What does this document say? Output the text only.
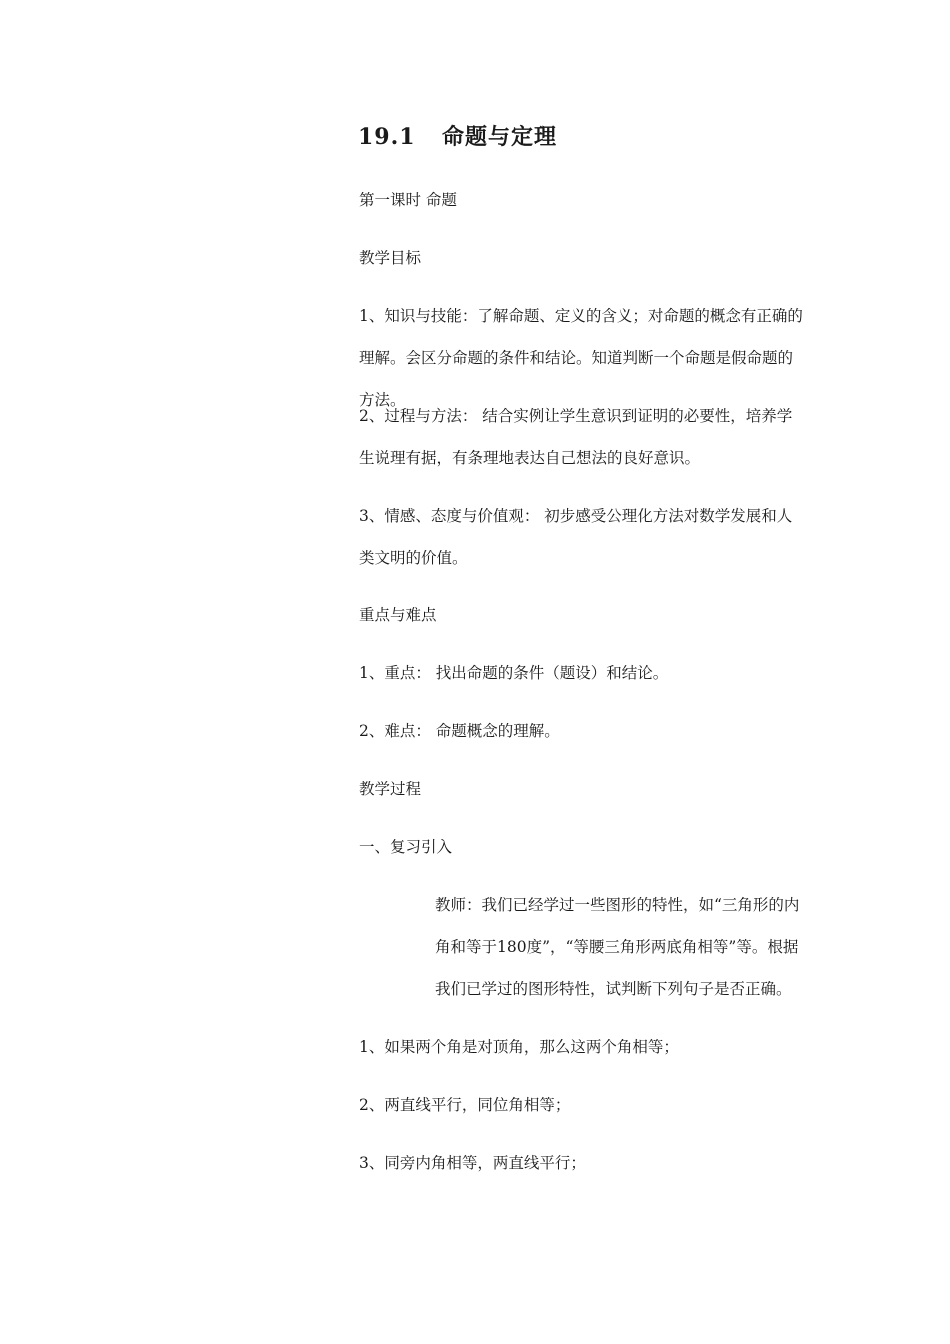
19.1 命题与定理
第一课时 命题
教学目标
1、知识与技能：了解命题、定义的含义；对命题的概念有正确的理解。会区分命题的条件和结论。知道判断一个命题是假命题的方法。
2、过程与方法： 结合实例让学生意识到证明的必要性，培养学生说理有据，有条理地表达自己想法的良好意识。
3、情感、态度与价值观： 初步感受公理化方法对数学发展和人类文明的价值。
重点与难点
1、重点： 找出命题的条件（题设）和结论。
2、难点： 命题概念的理解。
教学过程
一、复习引入
教师：我们已经学过一些图形的特性，如“三角形的内角和等于180度”，“等腰三角形两底角相等”等。根据我们已学过的图形特性，试判断下列句子是否正确。
1、如果两个角是对顶角，那么这两个角相等；
2、两直线平行，同位角相等；
3、同旁内角相等，两直线平行；
